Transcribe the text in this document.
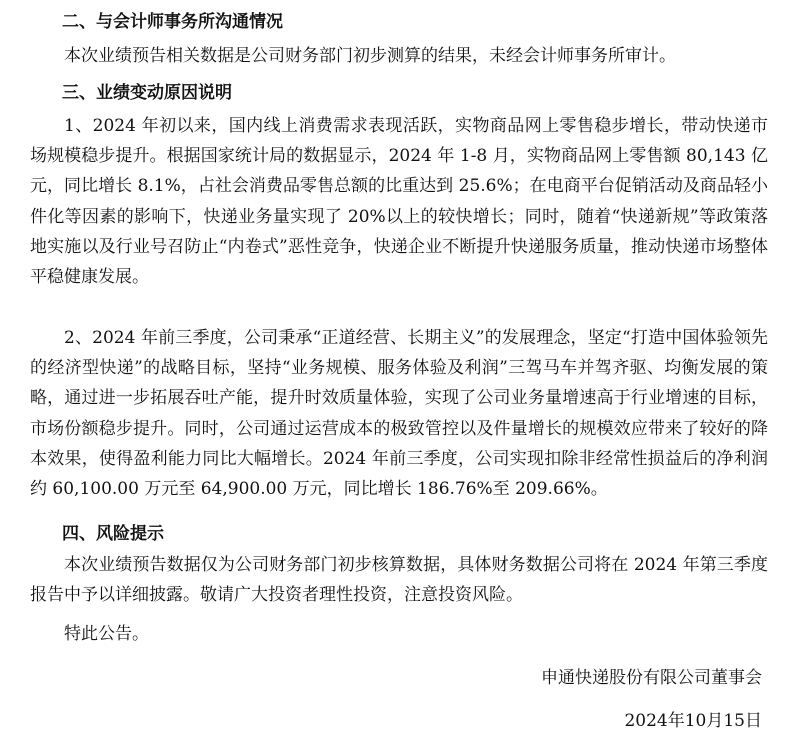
二、与会计师事务所沟通情况

本次业绩预告相关数据是公司财务部门初步测算的结果，未经会计师事务所审计。

三、业绩变动原因说明

1、2024 年初以来，国内线上消费需求表现活跃，实物商品网上零售稳步增长，带动快递市场规模稳步提升。根据国家统计局的数据显示，2024 年 1-8 月，实物商品网上零售额 80,143 亿元，同比增长 8.1%，占社会消费品零售总额的比重达到 25.6%；在电商平台促销活动及商品轻小件化等因素的影响下，快递业务量实现了 20%以上的较快增长；同时，随着“快递新规”等政策落地实施以及行业号召防止“内卷式”恶性竞争，快递企业不断提升快递服务质量，推动快递市场整体平稳健康发展。

2、2024 年前三季度，公司秉承“正道经营、长期主义”的发展理念，坚定“打造中国体验领先的经济型快递”的战略目标，坚持“业务规模、服务体验及利润”三驾马车并驾齐驱、均衡发展的策略，通过进一步拓展吞吐产能，提升时效质量体验，实现了公司业务量增速高于行业增速的目标，市场份额稳步提升。同时，公司通过运营成本的极致管控以及件量增长的规模效应带来了较好的降本效果，使得盈利能力同比大幅增长。2024 年前三季度，公司实现扣除非经常性损益后的净利润约 60,100.00 万元至 64,900.00 万元，同比增长 186.76%至 209.66%。

四、风险提示

本次业绩预告数据仅为公司财务部门初步核算数据，具体财务数据公司将在 2024 年第三季度报告中予以详细披露。敬请广大投资者理性投资，注意投资风险。

特此公告。
申通快递股份有限公司董事会
2024年10月15日
